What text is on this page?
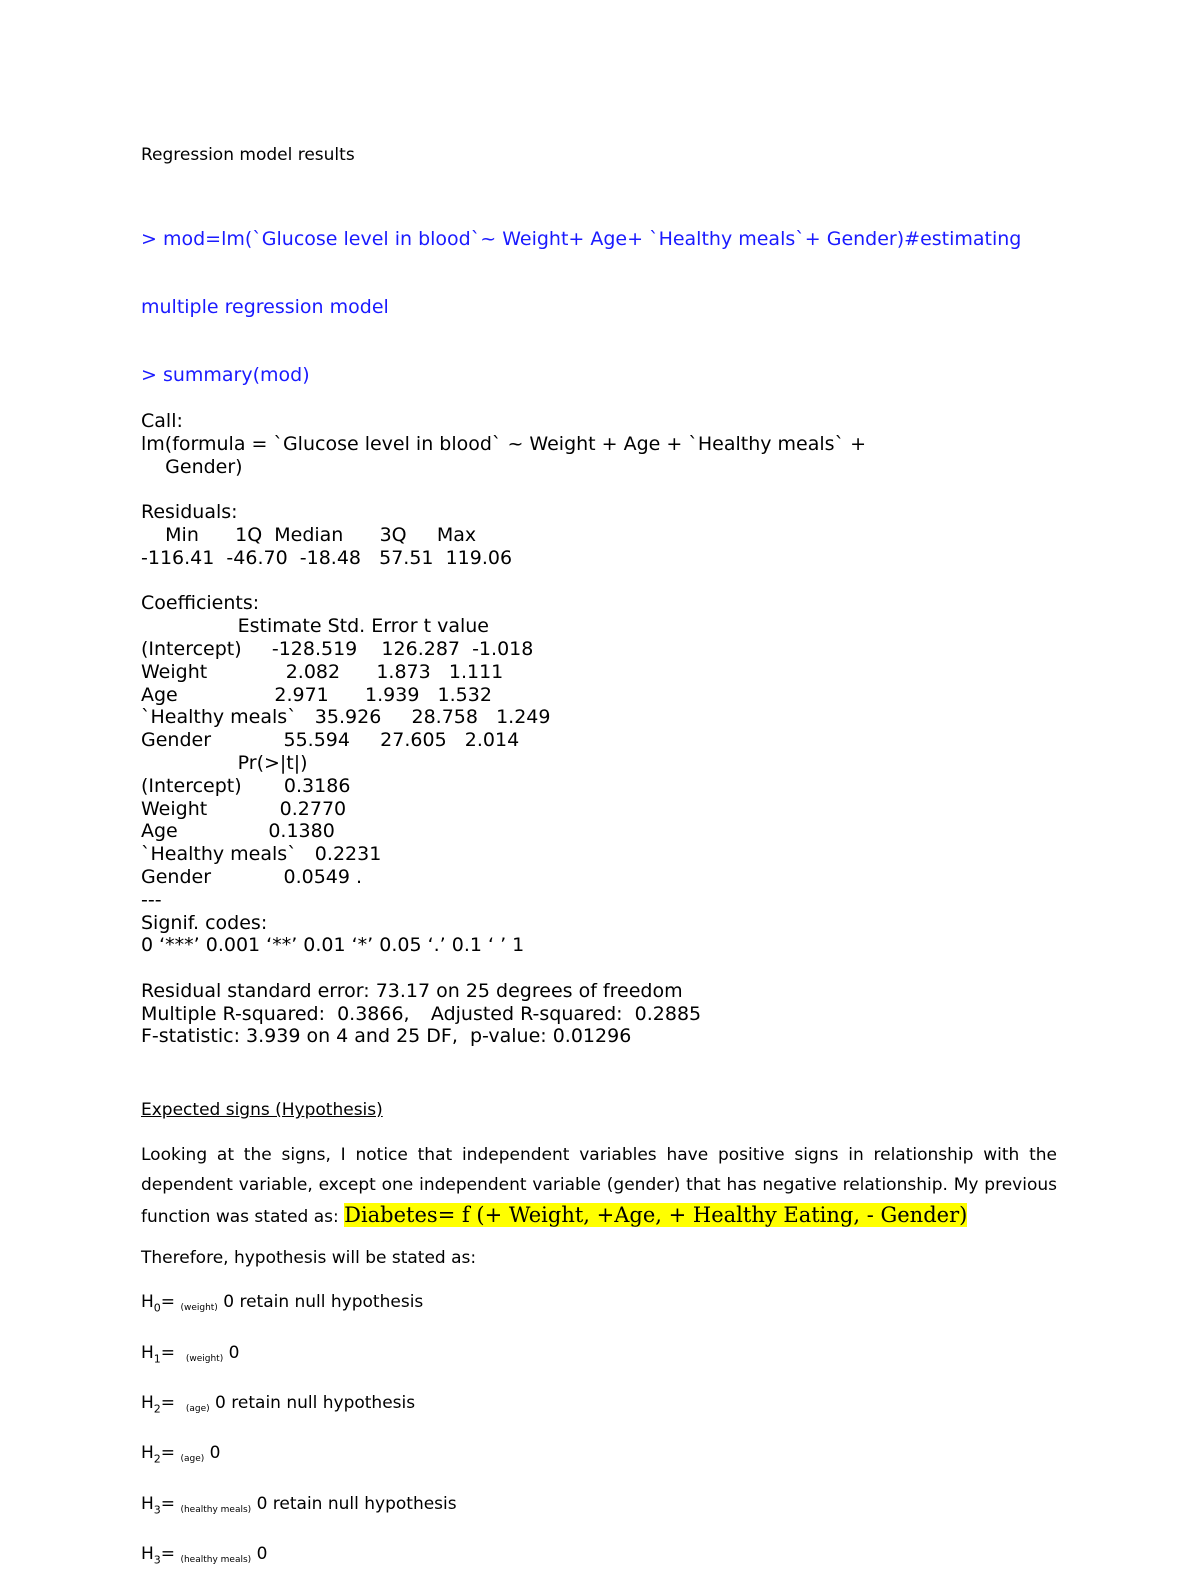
Regression model results

> mod=lm(`Glucose level in blood`~ Weight+ Age+ `Healthy meals`+ Gender)#estimating

multiple regression model

> summary(mod)
Call:
lm(formula = `Glucose level in blood` ~ Weight + Age + `Healthy meals` +
Gender)
Residuals:
Min      1Q  Median      3Q     Max
-116.41  -46.70  -18.48   57.51  119.06
Coefficients:
Estimate Std. Error t value
(Intercept)     -128.519    126.287  -1.018
Weight             2.082      1.873   1.111
Age                2.971      1.939   1.532
`Healthy meals`   35.926     28.758   1.249
Gender            55.594     27.605   2.014
Pr(>|t|)
(Intercept)       0.3186
Weight            0.2770
Age               0.1380
`Healthy meals`   0.2231
Gender            0.0549 .
---
Signif. codes:
0 ‘***’ 0.001 ‘**’ 0.01 ‘*’ 0.05 ‘.’ 0.1 ‘ ’ 1
Residual standard error: 73.17 on 25 degrees of freedom
Multiple R-squared:  0.3866,	Adjusted R-squared:  0.2885
F-statistic: 3.939 on 4 and 25 DF,  p-value: 0.01296

Expected signs (Hypothesis)

Looking at the signs, I notice that independent variables have positive signs in relationship with the dependent variable, except one independent variable (gender) that has negative relationship. My previous function was stated as: Diabetes= f (+ Weight, +Age, + Healthy Eating, - Gender)

Therefore, hypothesis will be stated as:

$H_0=$ (weight) 0 retain null hypothesis

$H_1=$  (weight) 0

$H_2= (age)$ 0 retain null hypothesis

$H_2= (age)$ 0

$H_3=$ (healthy meals) 0 retain null hypothesis

$H_3=$ (healthy meals) 0
